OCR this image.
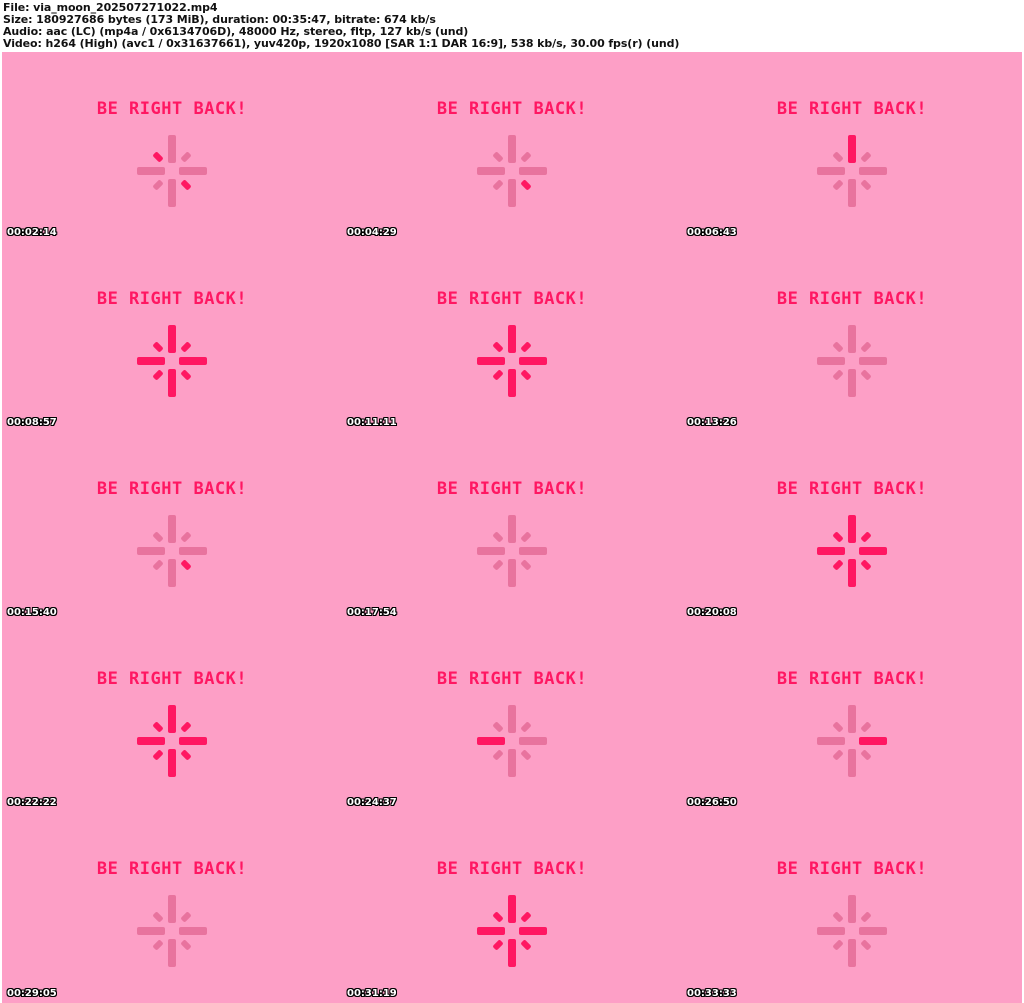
File: via_moon_202507271022.mp4
Size: 180927686 bytes (173 MiB), duration: 00:35:47, bitrate: 674 kb/s
Audio: aac (LC) (mp4a / 0x6134706D), 48000 Hz, stereo, fltp, 127 kb/s (und)
Video: h264 (High) (avc1 / 0x31637661), yuv420p, 1920x1080 [SAR 1:1 DAR 16:9], 538 kb/s, 30.00 fps(r) (und)
BE RIGHT BACK!
00:02:14
BE RIGHT BACK!
00:04:29
BE RIGHT BACK!
00:06:43
BE RIGHT BACK!
00:08:57
BE RIGHT BACK!
00:11:11
BE RIGHT BACK!
00:13:26
BE RIGHT BACK!
00:15:40
BE RIGHT BACK!
00:17:54
BE RIGHT BACK!
00:20:08
BE RIGHT BACK!
00:22:22
BE RIGHT BACK!
00:24:37
BE RIGHT BACK!
00:26:50
BE RIGHT BACK!
00:29:05
BE RIGHT BACK!
00:31:19
BE RIGHT BACK!
00:33:33
